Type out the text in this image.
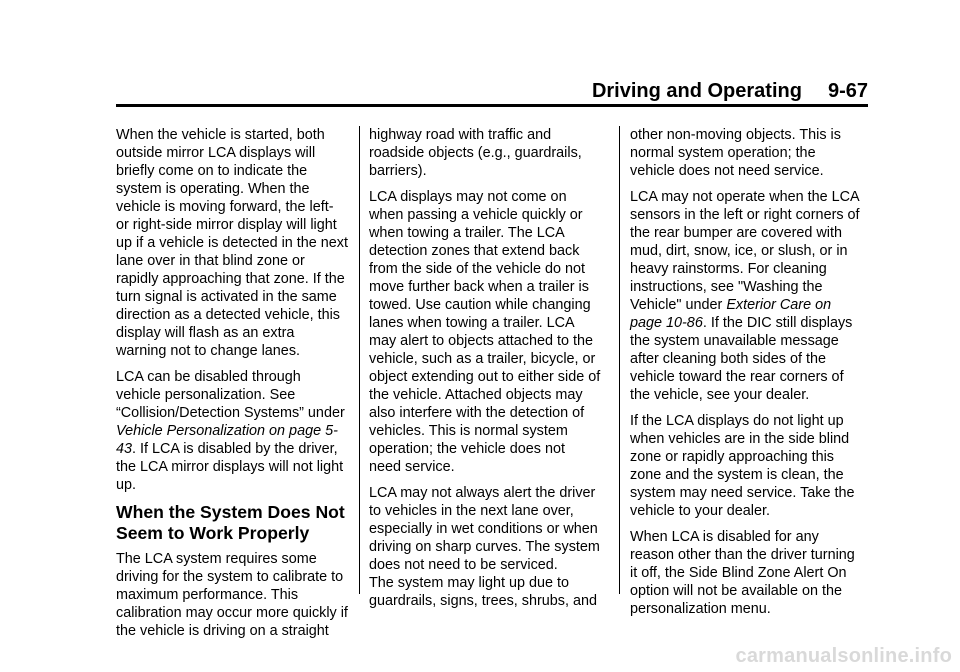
Driving and Operating 9-67

When the vehicle is started, both outside mirror LCA displays will briefly come on to indicate the system is operating. When the vehicle is moving forward, the left- or right-side mirror display will light up if a vehicle is detected in the next lane over in that blind zone or rapidly approaching that zone. If the turn signal is activated in the same direction as a detected vehicle, this display will flash as an extra warning not to change lanes.

LCA can be disabled through vehicle personalization. See “Collision/Detection Systems” under Vehicle Personalization on page 5-43. If LCA is disabled by the driver, the LCA mirror displays will not light up.

When the System Does Not Seem to Work Properly

The LCA system requires some driving for the system to calibrate to maximum performance. This calibration may occur more quickly if the vehicle is driving on a straight

highway road with traffic and roadside objects (e.g., guardrails, barriers).

LCA displays may not come on when passing a vehicle quickly or when towing a trailer. The LCA detection zones that extend back from the side of the vehicle do not move further back when a trailer is towed. Use caution while changing lanes when towing a trailer. LCA may alert to objects attached to the vehicle, such as a trailer, bicycle, or object extending out to either side of the vehicle. Attached objects may also interfere with the detection of vehicles. This is normal system operation; the vehicle does not need service.

LCA may not always alert the driver to vehicles in the next lane over, especially in wet conditions or when driving on sharp curves. The system does not need to be serviced.

The system may light up due to guardrails, signs, trees, shrubs, and

other non-moving objects. This is normal system operation; the vehicle does not need service.

LCA may not operate when the LCA sensors in the left or right corners of the rear bumper are covered with mud, dirt, snow, ice, or slush, or in heavy rainstorms. For cleaning instructions, see "Washing the Vehicle" under Exterior Care on page 10-86. If the DIC still displays the system unavailable message after cleaning both sides of the vehicle toward the rear corners of the vehicle, see your dealer.

If the LCA displays do not light up when vehicles are in the side blind zone or rapidly approaching this zone and the system is clean, the system may need service. Take the vehicle to your dealer.

When LCA is disabled for any reason other than the driver turning it off, the Side Blind Zone Alert On option will not be available on the personalization menu.

carmanualsonline.info
